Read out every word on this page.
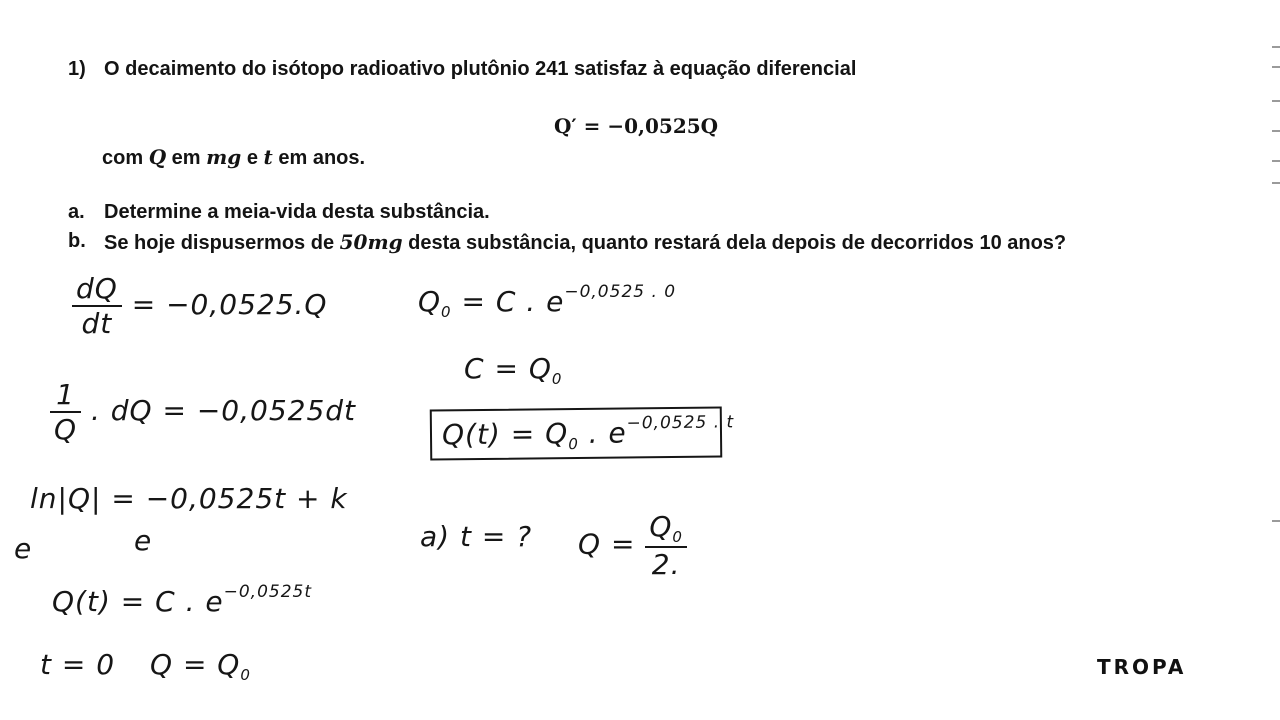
1) O decaimento do isótopo radioativo plutônio 241 satisfaz à equação diferencial
Q′ = −0,0525Q
com Q em mg e t em anos.
a. Determine a meia-vida desta substância.
b. Se hoje dispusermos de 50mg desta substância, quanto restará dela depois de decorridos 10 anos?
$\frac{dQ}{dt} = -0,0525.Q$
$\frac{1}{Q}$ . dQ = −0,0525dt
ln|Q| = −0,0525t + k
e	e
Q(t) = C . $e^{-0,0525t}$
t = 0 $Q = Q_0$
$Q_0 = C$ . $e^{-0,0525 . 0}$
$C = Q_0$
$Q(t) = Q_0$ . $e^{-0,0525 . t}$
a) t = ? $Q = \frac{Q_0}{2.}$
TROPA
